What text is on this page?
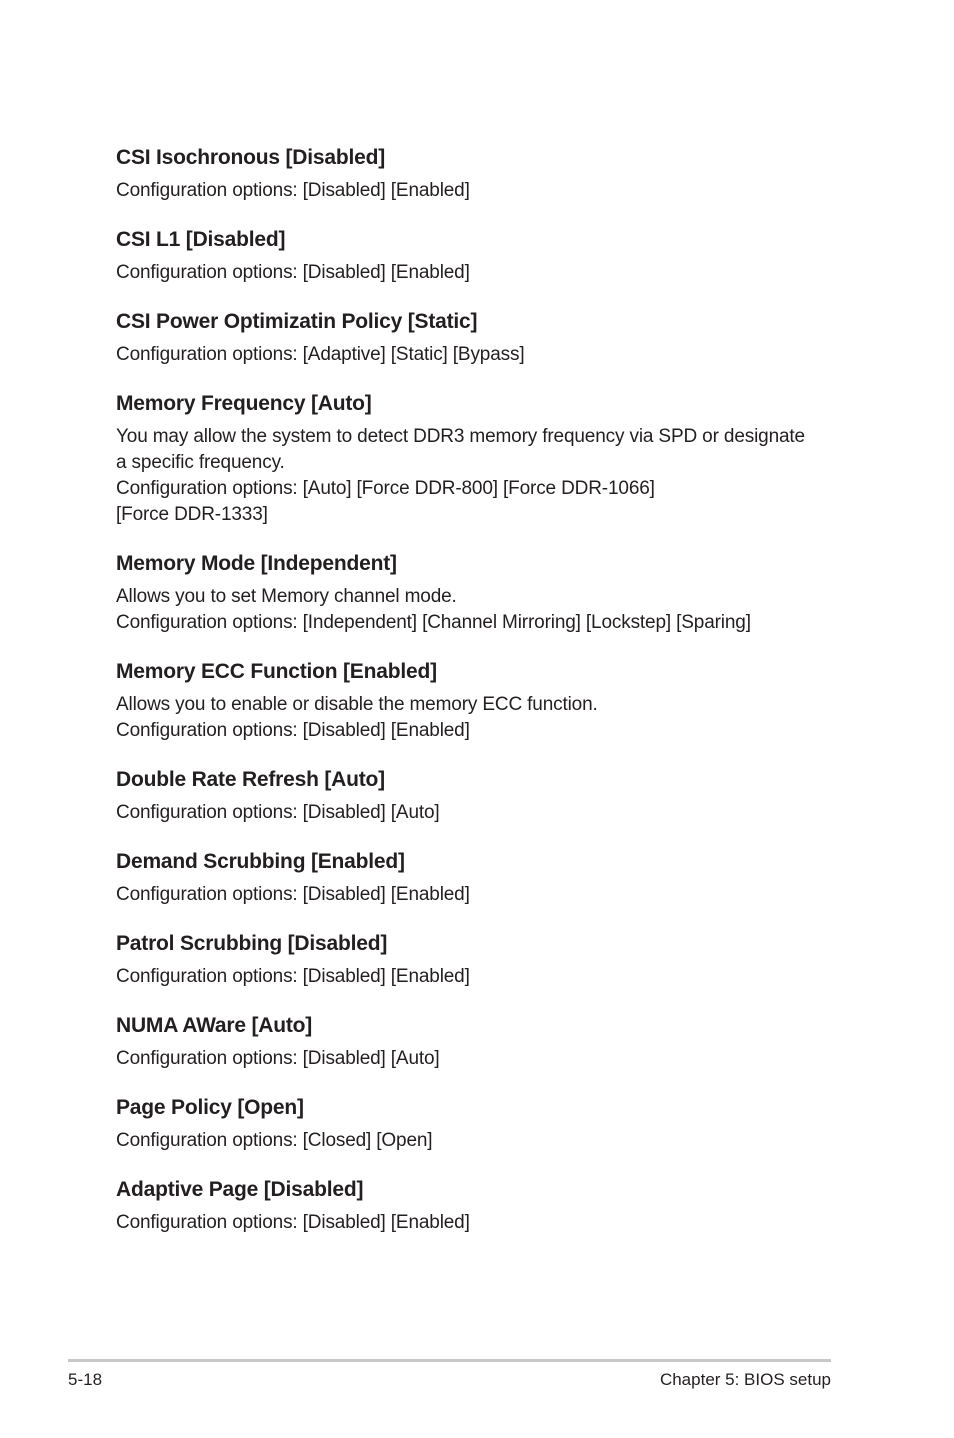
CSI Isochronous [Disabled]

Configuration options: [Disabled] [Enabled]

CSI L1 [Disabled]

Configuration options: [Disabled] [Enabled]

CSI Power Optimizatin Policy [Static]

Configuration options: [Adaptive] [Static] [Bypass]

Memory Frequency [Auto]

You may allow the system to detect DDR3 memory frequency via SPD or designate

a specific frequency.

Configuration options: [Auto] [Force DDR-800] [Force DDR-1066]

[Force DDR-1333]

Memory Mode [Independent]

Allows you to set Memory channel mode.

Configuration options: [Independent] [Channel Mirroring] [Lockstep] [Sparing]

Memory ECC Function [Enabled]

Allows you to enable or disable the memory ECC function.

Configuration options: [Disabled] [Enabled]

Double Rate Refresh [Auto]

Configuration options: [Disabled] [Auto]

Demand Scrubbing [Enabled]

Configuration options: [Disabled] [Enabled]

Patrol Scrubbing [Disabled]

Configuration options: [Disabled] [Enabled]

NUMA AWare [Auto]

Configuration options: [Disabled] [Auto]

Page Policy [Open]

Configuration options: [Closed] [Open]

Adaptive Page [Disabled]

Configuration options: [Disabled] [Enabled]

5-18	Chapter 5: BIOS setup
